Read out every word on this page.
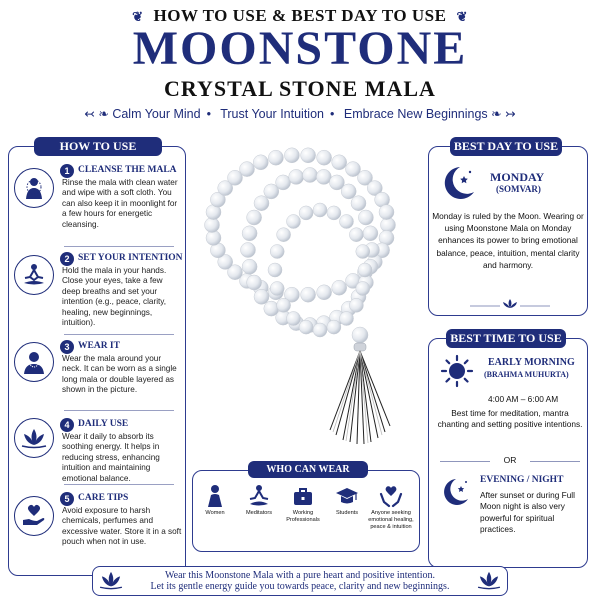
❦ HOW TO USE & BEST DAY TO USE ❦
MOONSTONE
CRYSTAL STONE MALA
↢ ❧ Calm Your Mind • Trust Your Intuition • Embrace New Beginnings ❧ ↣
HOW TO USE
1 CLEANSE THE MALA
Rinse the mala with clean water and wipe with a soft cloth. You can also keep it in moonlight for a few hours for energetic cleansing.
2 SET YOUR INTENTION
Hold the mala in your hands. Close your eyes, take a few deep breaths and set your intention (e.g., peace, clarity, healing, new beginnings, intuition).
3 WEAR IT
Wear the mala around your neck. It can be worn as a single long mala or double layered as shown in the picture.
4 DAILY USE
Wear it daily to absorb its soothing energy. It helps in reducing stress, enhancing intuition and maintaining emotional balance.
5 CARE TIPS
Avoid exposure to harsh chemicals, perfumes and excessive water. Store it in a soft pouch when not in use.
BEST DAY TO USE
MONDAY
(SOMVAR)
Monday is ruled by the Moon. Wearing or using Moonstone Mala on Monday enhances its power to bring emotional balance, peace, intuition, mental clarity and harmony.
BEST TIME TO USE
EARLY MORNING
(BRAHMA MUHURTA)
4:00 AM – 6:00 AM
Best time for meditation, mantra chanting and setting positive intentions.
OR
EVENING / NIGHT
After sunset or during Full Moon night is also very powerful for spiritual practices.
WHO CAN WEAR
Women	Meditators	Working Professionals
Students	Anyone seeking emotional healing, peace & intuition
Wear this Moonstone Mala with a pure heart and positive intention.
Let its gentle energy guide you towards peace, clarity and new beginnings.
